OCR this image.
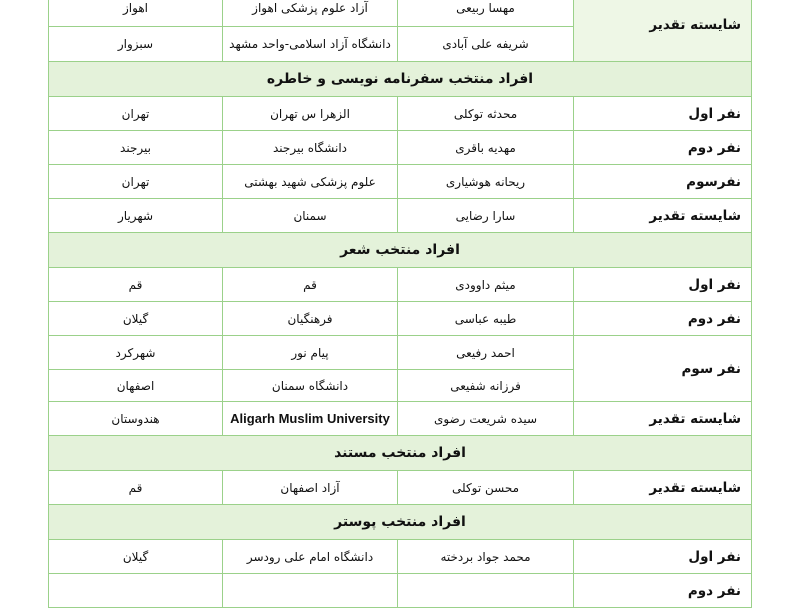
شایسته تقدیر	مهسا ربیعی	آزاد علوم پزشکی اهواز	اهواز
	شریفه علی آبادی	دانشگاه آزاد اسلامی-واحد مشهد	سبزوار
افراد منتخب سفرنامه نویسی و خاطره			
نفر اول	محدثه توکلی	الزهرا س تهران	تهران
نفر دوم	مهدیه باقری	دانشگاه بیرجند	بیرجند
نفرسوم	ریحانه هوشیاری	علوم پزشکی شهید بهشتی	تهران
شایسته تقدیر	سارا رضایی	سمنان	شهریار
افراد منتخب شعر			
نفر اول	میثم داوودی	قم	قم
نفر دوم	طیبه عباسی	فرهنگیان	گیلان
نفر سوم	احمد رفیعی	پیام نور	شهرکرد
	فرزانه شفیعی	دانشگاه سمنان	اصفهان
شایسته تقدیر	سیده شریعت رضوی	Aligarh Muslim University	هندوستان
افراد منتخب مستند			
شایسته تقدیر	محسن توکلی	آزاد اصفهان	قم
افراد منتخب پوستر			
نفر اول	محمد جواد بردخته	دانشگاه امام علی رودسر	گیلان
نفر دوم			
